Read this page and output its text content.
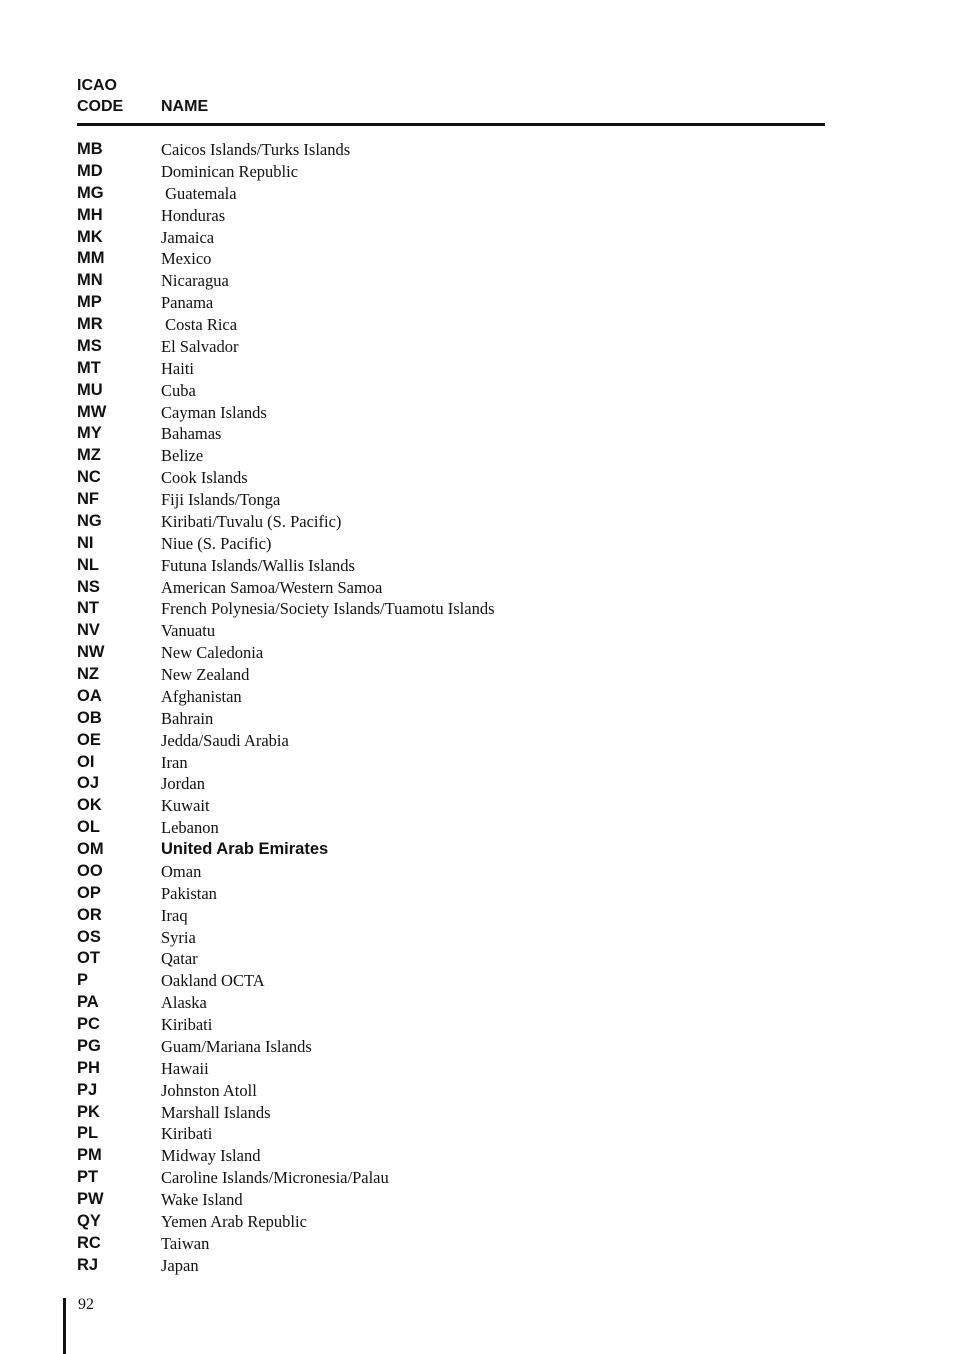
ICAO
CODE	NAME
MB	Caicos Islands/Turks Islands
MD	Dominican Republic
MG	Guatemala
MH	Honduras
MK	Jamaica
MM	Mexico
MN	Nicaragua
MP	Panama
MR	Costa Rica
MS	El Salvador
MT	Haiti
MU	Cuba
MW	Cayman Islands
MY	Bahamas
MZ	Belize
NC	Cook Islands
NF	Fiji Islands/Tonga
NG	Kiribati/Tuvalu (S. Pacific)
NI	Niue (S. Pacific)
NL	Futuna Islands/Wallis Islands
NS	American Samoa/Western Samoa
NT	French Polynesia/Society Islands/Tuamotu Islands
NV	Vanuatu
NW	New Caledonia
NZ	New Zealand
OA	Afghanistan
OB	Bahrain
OE	Jedda/Saudi Arabia
OI	Iran
OJ	Jordan
OK	Kuwait
OL	Lebanon
OM	United Arab Emirates
OO	Oman
OP	Pakistan
OR	Iraq
OS	Syria
OT	Qatar
P	Oakland OCTA
PA	Alaska
PC	Kiribati
PG	Guam/Mariana Islands
PH	Hawaii
PJ	Johnston Atoll
PK	Marshall Islands
PL	Kiribati
PM	Midway Island
PT	Caroline Islands/Micronesia/Palau
PW	Wake Island
QY	Yemen Arab Republic
RC	Taiwan
RJ	Japan
92
